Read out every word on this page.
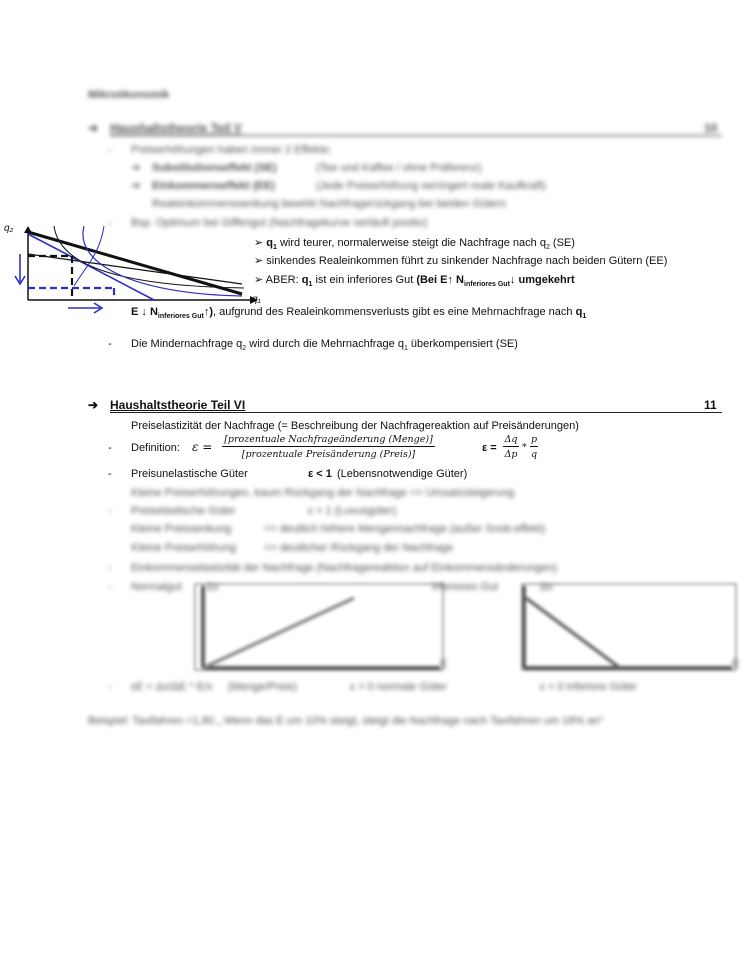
Mikroökonomik
➔ Haushaltstheorie Teil V	10
- Preiserhöhungen haben immer 2 Effekte:
➔ Substitutionseffekt (SE)	(Tee und Kaffee / ohne Präferenz)
➔ Einkommenseffekt (EE)	(Jede Preiserhöhung verringert reale Kaufkraft)
Realeinkommenssenkung bewirkt Nachfragerückgang bei beiden Gütern
- Bsp. Optimum bei Giffengut (Nachfragekurve verläuft positiv)
q₂
q₁
➢ $q_1$ wird teurer, normalerweise steigt die Nachfrage nach $q_2$ (SE)
➢ sinkendes Realeinkommen führt zu sinkender Nachfrage nach beiden Gütern (EE)
➢ ABER: $q_1$ ist ein inferiores Gut (Bei E↑ $N_{inferiores Gut}↓$ umgekehrt
E ↓ $N_{inferiores Gut}↑$), aufgrund des Realeinkommensverlusts gibt es eine Mehrnachfrage nach $q_1$
- Die Mindernachfrage $q_2$ wird durch die Mehrnachfrage $q_1$ überkompensiert (SE)
➔ Haushaltstheorie Teil VI	11
Preiselastizität der Nachfrage (= Beschreibung der Nachfragereaktion auf Preisänderungen)
- Definition: ε =
[prozentuale Nachfrageänderung (Menge)]
[prozentuale Preisänderung (Preis)]
ε =
Δq
Δp
*
p
q
- Preisunelastische Güter	ε < 1 (Lebensnotwendige Güter)
Kleine Preiserhöhungen, kaum Rückgang der Nachfrage => Umsatzsteigerung
- Preiselastische Güter	ε > 1 (Luxusgüter)
Kleine Preissenkung	=> deutlich höhere Mengennachfrage (außer Snob-effekt)
Kleine Preiserhöhung	=> deutlicher Rückgang der Nachfrage
- Einkommenselastizität der Nachfrage (Nachfragereaktion auf Einkommensänderungen)
- Normalgut	inferiores Gut
Δx
E
Δx
E
- εE = Δx/ΔE * E/x (Menge/Preis)	ε > 0 normale Güter	ε < 0 inferiore Güter
Beispiel: Taxifahren =1,80 „ Wenn das E um 10% steigt, steigt die Nachfrage nach Taxifahren um 18% an“
